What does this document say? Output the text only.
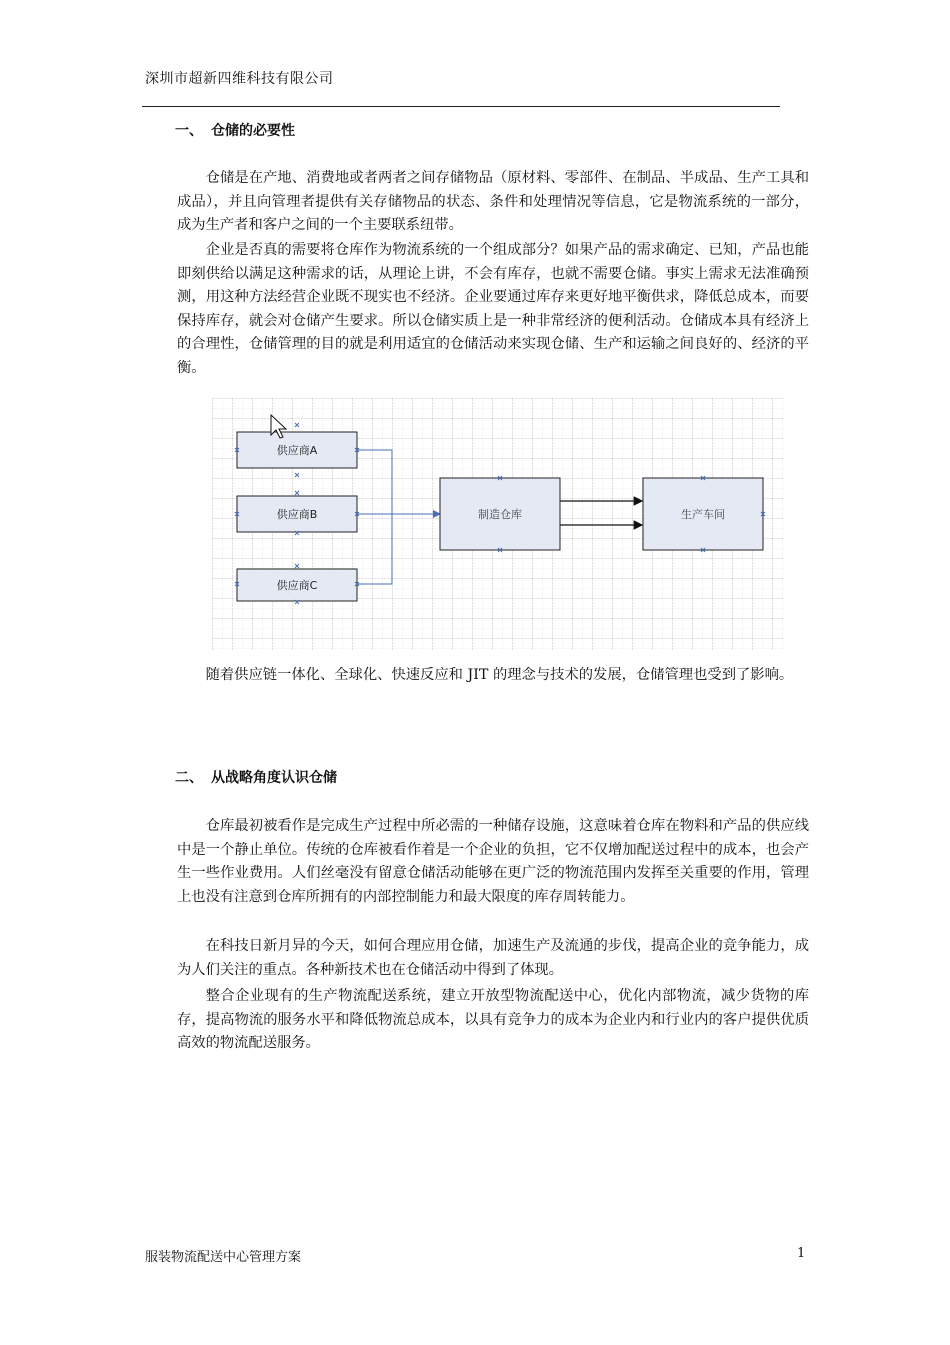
深圳市超新四维科技有限公司
一、 仓储的必要性

仓储是在产地、消费地或者两者之间存储物品（原材料、零部件、在制品、半成品、生产工具和成品），并且向管理者提供有关存储物品的状态、条件和处理情况等信息，它是物流系统的一部分，成为生产者和客户之间的一个主要联系纽带。

企业是否真的需要将仓库作为物流系统的一个组成部分？如果产品的需求确定、已知，产品也能即刻供给以满足这种需求的话，从理论上讲，不会有库存，也就不需要仓储。事实上需求无法准确预测，用这种方法经营企业既不现实也不经济。企业要通过库存来更好地平衡供求，降低总成本，而要保持库存，就会对仓储产生要求。所以仓储实质上是一种非常经济的便利活动。仓储成本具有经济上的合理性，仓储管理的目的就是利用适宜的仓储活动来实现仓储、生产和运输之间良好的、经济的平衡。

供应商A
供应商B
供应商C
制造仓库	生产车间

随着供应链一体化、全球化、快速反应和 JIT 的理念与技术的发展，仓储管理也受到了影响。

二、 从战略角度认识仓储

仓库最初被看作是完成生产过程中所必需的一种储存设施，这意味着仓库在物料和产品的供应线中是一个静止单位。传统的仓库被看作着是一个企业的负担，它不仅增加配送过程中的成本，也会产生一些作业费用。人们丝毫没有留意仓储活动能够在更广泛的物流范围内发挥至关重要的作用，管理上也没有注意到仓库所拥有的内部控制能力和最大限度的库存周转能力。

在科技日新月异的今天，如何合理应用仓储，加速生产及流通的步伐，提高企业的竞争能力，成为人们关注的重点。各种新技术也在仓储活动中得到了体现。

整合企业现有的生产物流配送系统，建立开放型物流配送中心，优化内部物流，减少货物的库存，提高物流的服务水平和降低物流总成本，以具有竞争力的成本为企业内和行业内的客户提供优质高效的物流配送服务。

服装物流配送中心管理方案	1
